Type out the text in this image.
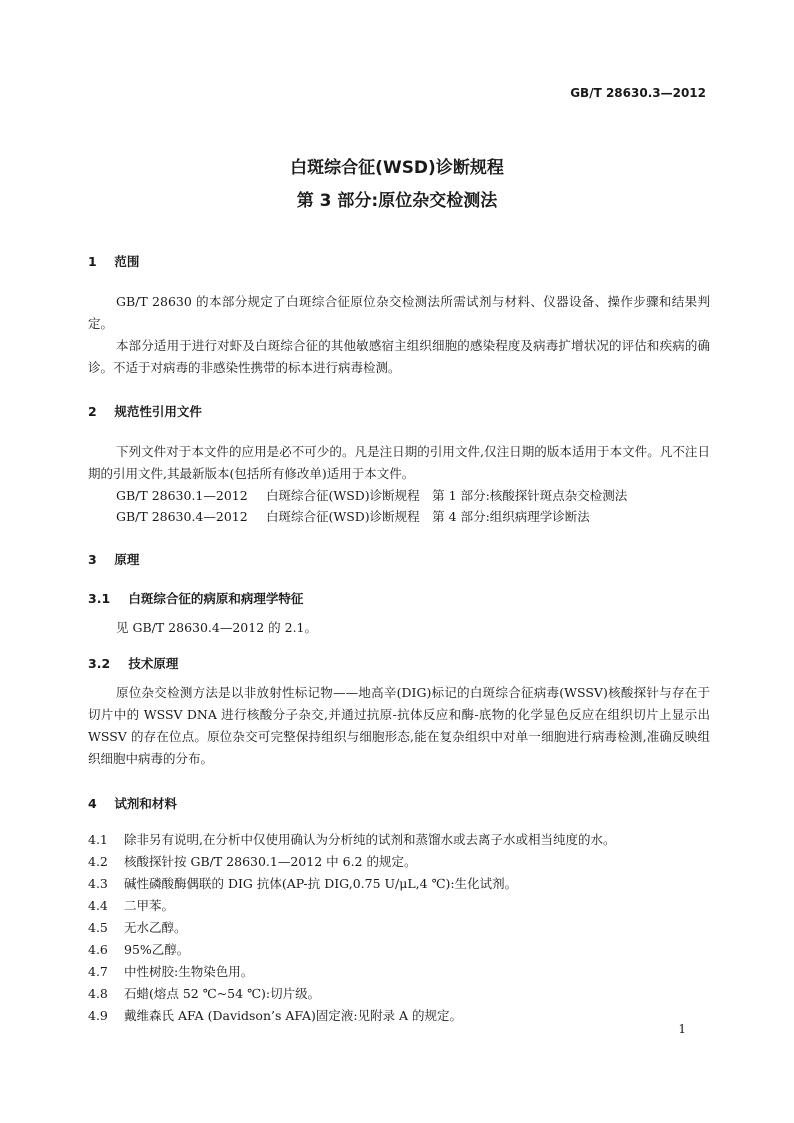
GB/T 28630.3—2012
白斑综合征(WSD)诊断规程
第 3 部分:原位杂交检测法
1 范围
GB/T 28630 的本部分规定了白斑综合征原位杂交检测法所需试剂与材料、仪器设备、操作步骤和结果判定。
本部分适用于进行对虾及白斑综合征的其他敏感宿主组织细胞的感染程度及病毒扩增状况的评估和疾病的确诊。不适于对病毒的非感染性携带的标本进行病毒检测。
2 规范性引用文件
下列文件对于本文件的应用是必不可少的。凡是注日期的引用文件,仅注日期的版本适用于本文件。凡不注日期的引用文件,其最新版本(包括所有修改单)适用于本文件。
GB/T 28630.1—2012 白斑综合征(WSD)诊断规程　第 1 部分:核酸探针斑点杂交检测法
GB/T 28630.4—2012 白斑综合征(WSD)诊断规程　第 4 部分:组织病理学诊断法
3 原理
3.1 白斑综合征的病原和病理学特征
见 GB/T 28630.4—2012 的 2.1。
3.2 技术原理
原位杂交检测方法是以非放射性标记物——地高辛(DIG)标记的白斑综合征病毒(WSSV)核酸探针与存在于切片中的 WSSV DNA 进行核酸分子杂交,并通过抗原-抗体反应和酶-底物的化学显色反应在组织切片上显示出 WSSV 的存在位点。原位杂交可完整保持组织与细胞形态,能在复杂组织中对单一细胞进行病毒检测,准确反映组织细胞中病毒的分布。
4 试剂和材料
4.1 除非另有说明,在分析中仅使用确认为分析纯的试剂和蒸馏水或去离子水或相当纯度的水。
4.2 核酸探针按 GB/T 28630.1—2012 中 6.2 的规定。
4.3 碱性磷酸酶偶联的 DIG 抗体(AP-抗 DIG,0.75 U/μL,4 ℃):生化试剂。
4.4 二甲苯。
4.5 无水乙醇。
4.6 95%乙醇。
4.7 中性树胶:生物染色用。
4.8 石蜡(熔点 52 ℃~54 ℃):切片级。
4.9 戴维森氏 AFA (Davidson’s AFA)固定液:见附录 A 的规定。
1
